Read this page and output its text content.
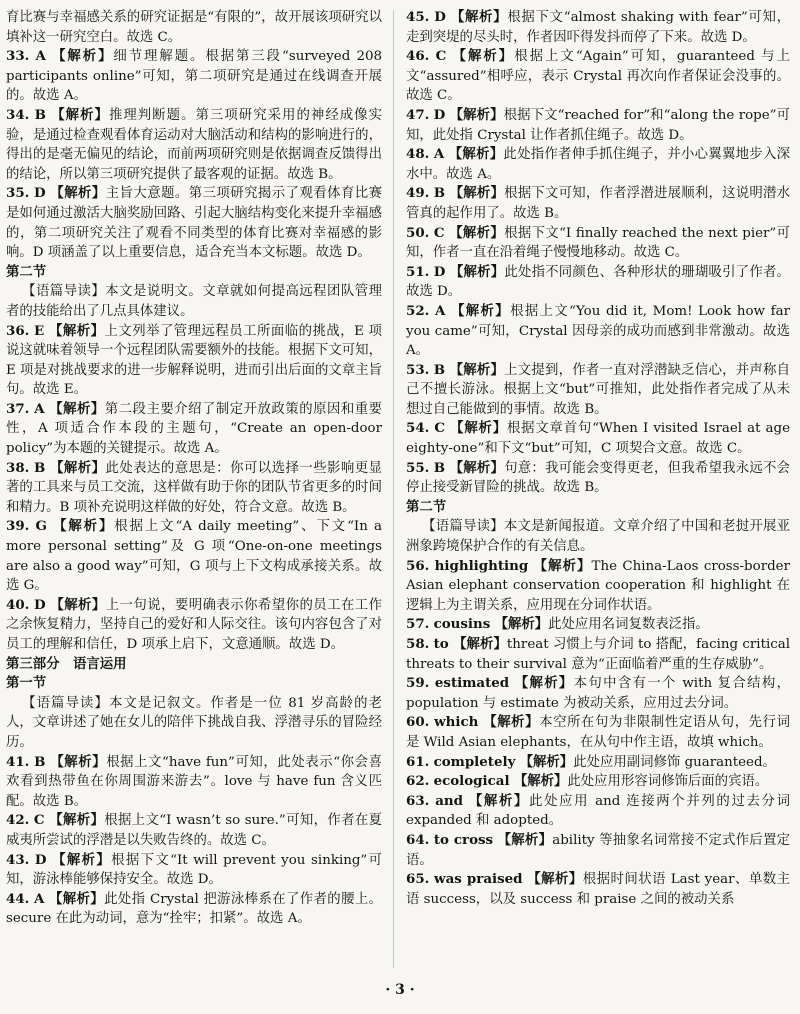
育比赛与幸福感关系的研究证据是“有限的”，故开展该项研究以填补这一研究空白。故选 C。

33. A 【解析】细节理解题。根据第三段“surveyed 208 participants online”可知，第二项研究是通过在线调查开展的。故选 A。

34. B 【解析】推理判断题。第三项研究采用的神经成像实验，是通过检查观看体育运动对大脑活动和结构的影响进行的，得出的是毫无偏见的结论，而前两项研究则是依据调查反馈得出的结论，所以第三项研究提供了最客观的证据。故选 B。

35. D 【解析】主旨大意题。第三项研究揭示了观看体育比赛是如何通过激活大脑奖励回路、引起大脑结构变化来提升幸福感的，第二项研究关注了观看不同类型的体育比赛对幸福感的影响。D 项涵盖了以上重要信息，适合充当本文标题。故选 D。

第二节

【语篇导读】本文是说明文。文章就如何提高远程团队管理者的技能给出了几点具体建议。

36. E 【解析】上文列举了管理远程员工所面临的挑战，E 项说这就味着领导一个远程团队需要额外的技能。根据下文可知，E 项是对挑战要求的进一步解释说明，进而引出后面的文章主旨句。故选 E。

37. A 【解析】第二段主要介绍了制定开放政策的原因和重要性，A 项适合作本段的主题句，“Create an open-door policy”为本题的关键提示。故选 A。

38. B 【解析】此处表达的意思是：你可以选择一些影响更显著的工具来与员工交流，这样做有助于你的团队节省更多的时间和精力。B 项补充说明这样做的好处，符合文意。故选 B。

39. G 【解析】根据上文“A daily meeting”、下文“In a more personal setting”及 G 项“One-on-one meetings are also a good way”可知，G 项与上下文构成承接关系。故选 G。

40. D 【解析】上一句说，要明确表示你希望你的员工在工作之余恢复精力，坚持自己的爱好和人际交往。该句内容包含了对员工的理解和信任，D 项承上启下，文意通顺。故选 D。

第三部分　语言运用

第一节

【语篇导读】本文是记叙文。作者是一位 81 岁高龄的老人，文章讲述了她在女儿的陪伴下挑战自我、浮潜寻乐的冒险经历。

41. B 【解析】根据上文“have fun”可知，此处表示“你会喜欢看到热带鱼在你周围游来游去”。love 与 have fun 含义匹配。故选 B。

42. C 【解析】根据上文“I wasn’t so sure.”可知，作者在夏威夷所尝试的浮潜是以失败告终的。故选 C。

43. D 【解析】根据下文“It will prevent you sinking”可知，游泳棒能够保持安全。故选 D。

44. A 【解析】此处指 Crystal 把游泳棒系在了作者的腰上。secure 在此为动词，意为“拴牢；扣紧”。故选 A。

45. D 【解析】根据下文“almost shaking with fear”可知，走到突堤的尽头时，作者因吓得发抖而停了下来。故选 D。

46. C 【解析】根据上文“Again”可知，guaranteed 与上文“assured”相呼应，表示 Crystal 再次向作者保证会没事的。故选 C。

47. D 【解析】根据下文“reached for”和“along the rope”可知，此处指 Crystal 让作者抓住绳子。故选 D。

48. A 【解析】此处指作者伸手抓住绳子，并小心翼翼地步入深水中。故选 A。

49. B 【解析】根据下文可知，作者浮潜进展顺利，这说明潜水管真的起作用了。故选 B。

50. C 【解析】根据下文“I finally reached the next pier”可知，作者一直在沿着绳子慢慢地移动。故选 C。

51. D 【解析】此处指不同颜色、各种形状的珊瑚吸引了作者。故选 D。

52. A 【解析】根据上文“You did it, Mom! Look how far you came”可知，Crystal 因母亲的成功而感到非常激动。故选 A。

53. B 【解析】上文提到，作者一直对浮潜缺乏信心，并声称自己不擅长游泳。根据上文“but”可推知，此处指作者完成了从未想过自己能做到的事情。故选 B。

54. C 【解析】根据文章首句“When I visited Israel at age eighty-one”和下文“but”可知，C 项契合文意。故选 C。

55. B 【解析】句意：我可能会变得更老，但我希望我永远不会停止接受新冒险的挑战。故选 B。

第二节

【语篇导读】本文是新闻报道。文章介绍了中国和老挝开展亚洲象跨境保护合作的有关信息。

56. highlighting 【解析】The China-Laos cross-border Asian elephant conservation cooperation 和 highlight 在逻辑上为主谓关系，应用现在分词作状语。

57. cousins 【解析】此处应用名词复数表泛指。

58. to 【解析】threat 习惯上与介词 to 搭配，facing critical threats to their survival 意为“正面临着严重的生存威胁”。

59. estimated 【解析】本句中含有一个 with 复合结构，population 与 estimate 为被动关系，应用过去分词。

60. which 【解析】本空所在句为非限制性定语从句，先行词是 Wild Asian elephants，在从句中作主语，故填 which。

61. completely 【解析】此处应用副词修饰 guaranteed。

62. ecological 【解析】此处应用形容词修饰后面的宾语。

63. and 【解析】此处应用 and 连接两个并列的过去分词 expanded 和 adopted。

64. to cross 【解析】ability 等抽象名词常接不定式作后置定语。

65. was praised 【解析】根据时间状语 Last year、单数主语 success，以及 success 和 praise 之间的被动关系

· 3 ·
